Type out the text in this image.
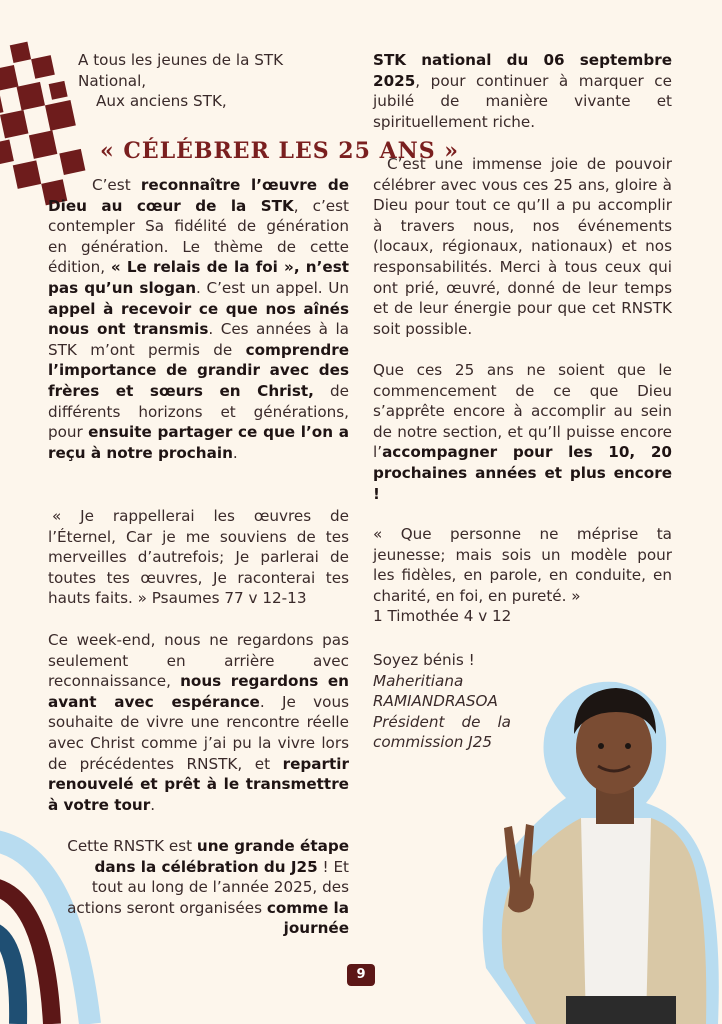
A tous les jeunes de la STK National,
Aux anciens STK,
« CÉLÉBRER LES 25 ANS »
C’est reconnaître l’œuvre de Dieu au cœur de la STK, c’est contempler Sa fidélité de génération en génération. Le thème de cette édition, « Le relais de la foi », n’est pas qu’un slogan. C’est un appel. Un appel à recevoir ce que nos aînés nous ont transmis. Ces années à la STK m’ont permis de comprendre l’importance de grandir avec des frères et sœurs en Christ, de différents horizons et générations, pour ensuite partager ce que l’on a reçu à notre prochain.
« Je rappellerai les œuvres de l’Éternel, Car je me souviens de tes merveilles d’autrefois; Je parlerai de toutes tes œuvres, Je raconterai tes hauts faits. » Psaumes 77 v 12-13
Ce week-end, nous ne regardons pas seulement en arrière avec reconnaissance, nous regardons en avant avec espérance. Je vous souhaite de vivre une rencontre réelle avec Christ comme j’ai pu la vivre lors de précédentes RNSTK, et repartir renouvelé et prêt à le transmettre à votre tour.
Cette RNSTK est une grande étape dans la célébration du J25 ! Et tout au long de l’année 2025, des actions seront organisées comme la journée
STK national du 06 septembre 2025, pour continuer à marquer ce jubilé de manière vivante et spirituellement riche.
C’est une immense joie de pouvoir célébrer avec vous ces 25 ans, gloire à Dieu pour tout ce qu’Il a pu accomplir à travers nous, nos événements (locaux, régionaux, nationaux) et nos responsabilités. Merci à tous ceux qui ont prié, œuvré, donné de leur temps et de leur énergie pour que cet RNSTK soit possible.
Que ces 25 ans ne soient que le commencement de ce que Dieu s’apprête encore à accomplir au sein de notre section, et qu’Il puisse encore l’accompagner pour les 10, 20 prochaines années et plus encore !
« Que personne ne méprise ta jeunesse; mais sois un modèle pour les fidèles, en parole, en conduite, en charité, en foi, en pureté. »
1 Timothée 4 v 12
Soyez bénis !
Maheritiana
RAMIANDRASOA
Président de la commission J25
9
